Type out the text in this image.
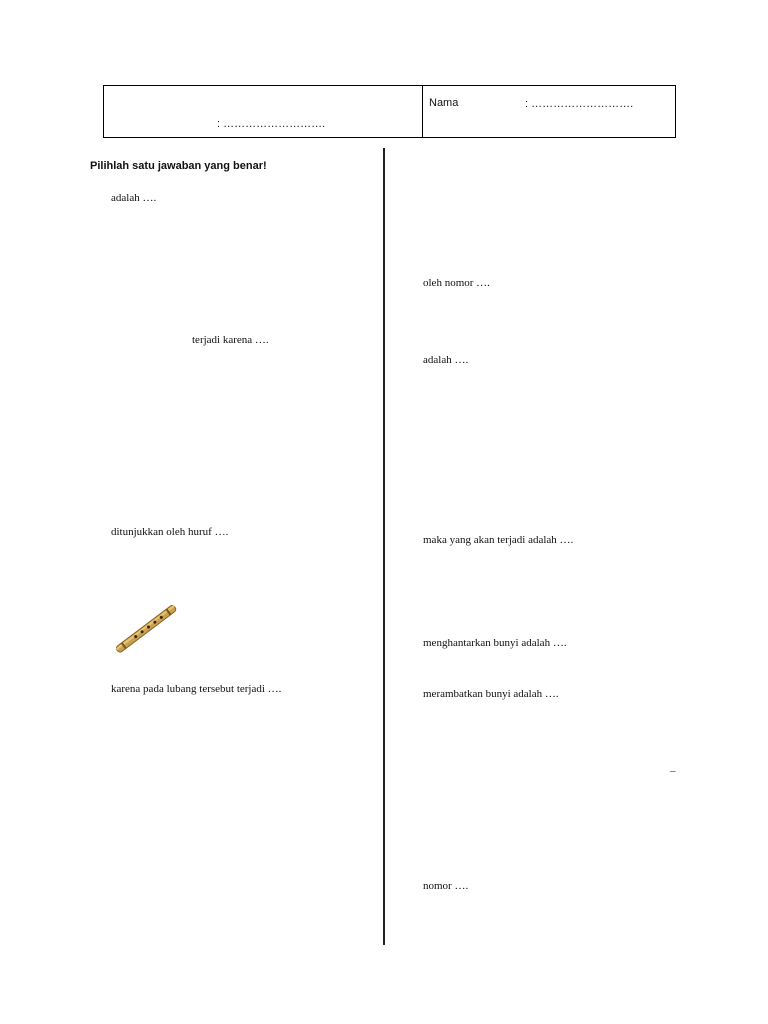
: ……………………….
Nama	: ……………………….
Pilihlah satu jawaban yang benar!
adalah ….
terjadi karena ….
ditunjukkan oleh huruf ….
karena pada lubang tersebut terjadi ….
oleh nomor ….
adalah ….
maka yang akan terjadi adalah ….
menghantarkan bunyi adalah ….
merambatkan bunyi adalah ….
–
nomor ….
